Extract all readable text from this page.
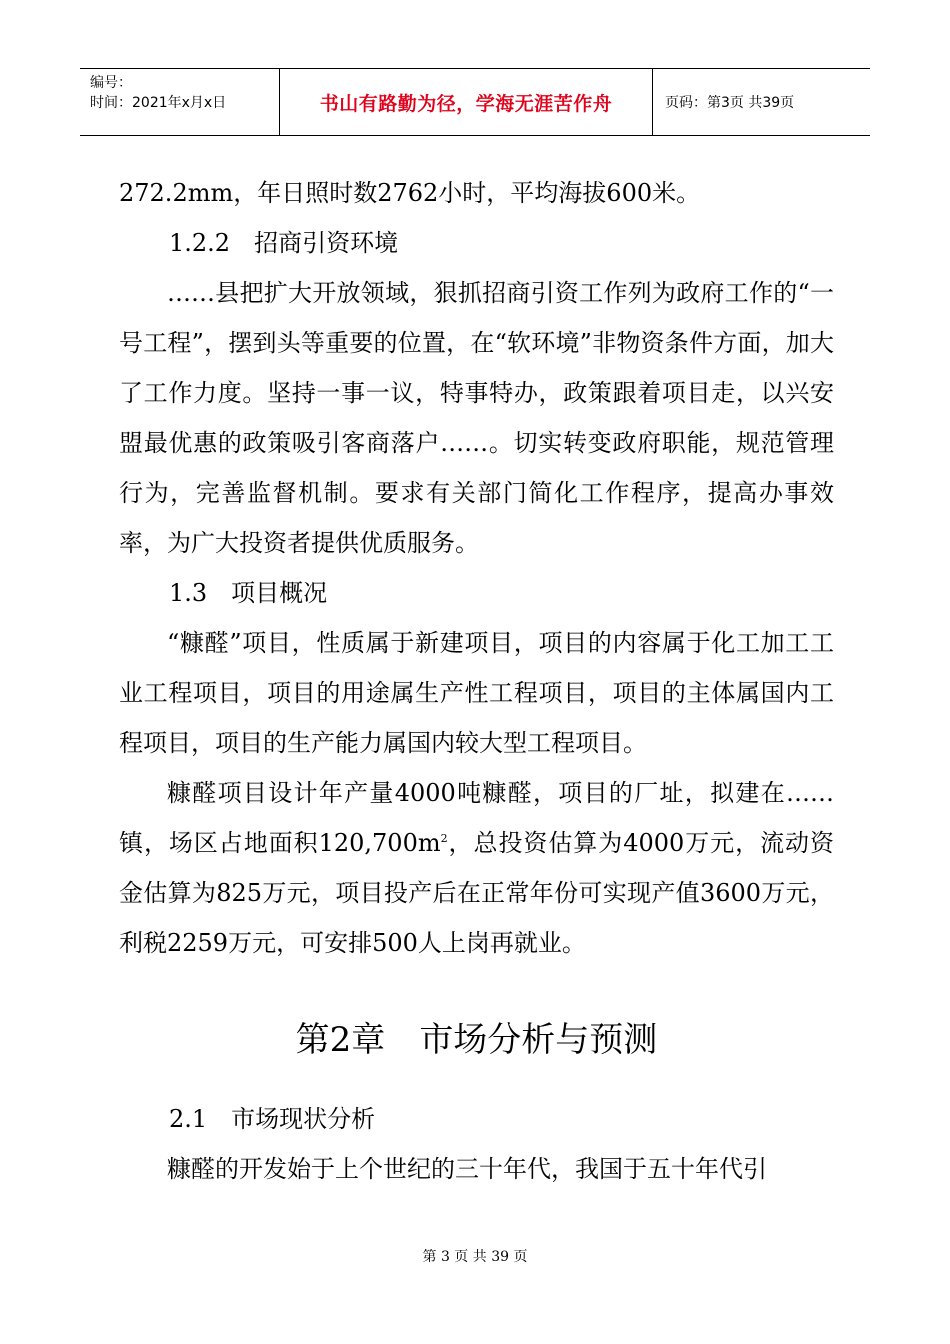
编号：
时间：2021年x月x日	书山有路勤为径，学海无涯苦作舟	页码：第3页 共39页

272.2mm，年日照时数2762小时，平均海拔600米。

1.2.2 招商引资环境

……县把扩大开放领域，狠抓招商引资工作列为政府工作的“一号工程”，摆到头等重要的位置，在“软环境”非物资条件方面，加大了工作力度。坚持一事一议，特事特办，政策跟着项目走，以兴安盟最优惠的政策吸引客商落户……。切实转变政府职能，规范管理行为，完善监督机制。要求有关部门简化工作程序，提高办事效率，为广大投资者提供优质服务。

1.3 项目概况

“糠醛”项目，性质属于新建项目，项目的内容属于化工加工工业工程项目，项目的用途属生产性工程项目，项目的主体属国内工程项目，项目的生产能力属国内较大型工程项目。

糠醛项目设计年产量4000吨糠醛，项目的厂址，拟建在……镇，场区占地面积$120,700m^2$，总投资估算为4000万元，流动资金估算为825万元，项目投产后在正常年份可实现产值3600万元，利税2259万元，可安排500人上岗再就业。

第2章 市场分析与预测

2.1 市场现状分析

糠醛的开发始于上个世纪的三十年代，我国于五十年代引

第 3 页 共 39 页
